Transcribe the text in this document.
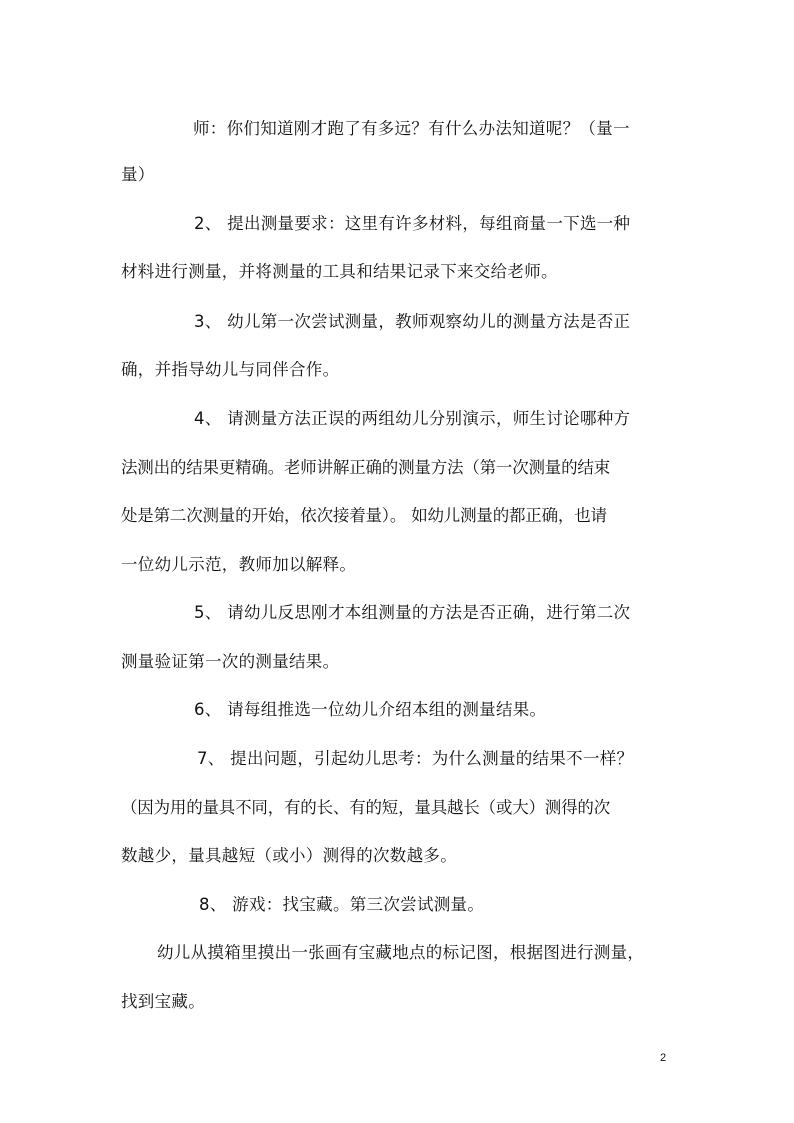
师：你们知道刚才跑了有多远？有什么办法知道呢？（量一

量）

2、 提出测量要求：这里有许多材料，每组商量一下选一种

材料进行测量，并将测量的工具和结果记录下来交给老师。

3、 幼儿第一次尝试测量，教师观察幼儿的测量方法是否正

确，并指导幼儿与同伴合作。

4、 请测量方法正误的两组幼儿分别演示，师生讨论哪种方

法测出的结果更精确。老师讲解正确的测量方法（第一次测量的结束

处是第二次测量的开始，依次接着量）。 如幼儿测量的都正确，也请

一位幼儿示范，教师加以解释。

5、 请幼儿反思刚才本组测量的方法是否正确，进行第二次

测量验证第一次的测量结果。

6、 请每组推选一位幼儿介绍本组的测量结果。

7、 提出问题，引起幼儿思考：为什么测量的结果不一样？

（因为用的量具不同，有的长、有的短，量具越长（或大）测得的次

数越少，量具越短（或小）测得的次数越多。

8、 游戏：找宝藏。第三次尝试测量。

幼儿从摸箱里摸出一张画有宝藏地点的标记图，根据图进行测量，

找到宝藏。

2
